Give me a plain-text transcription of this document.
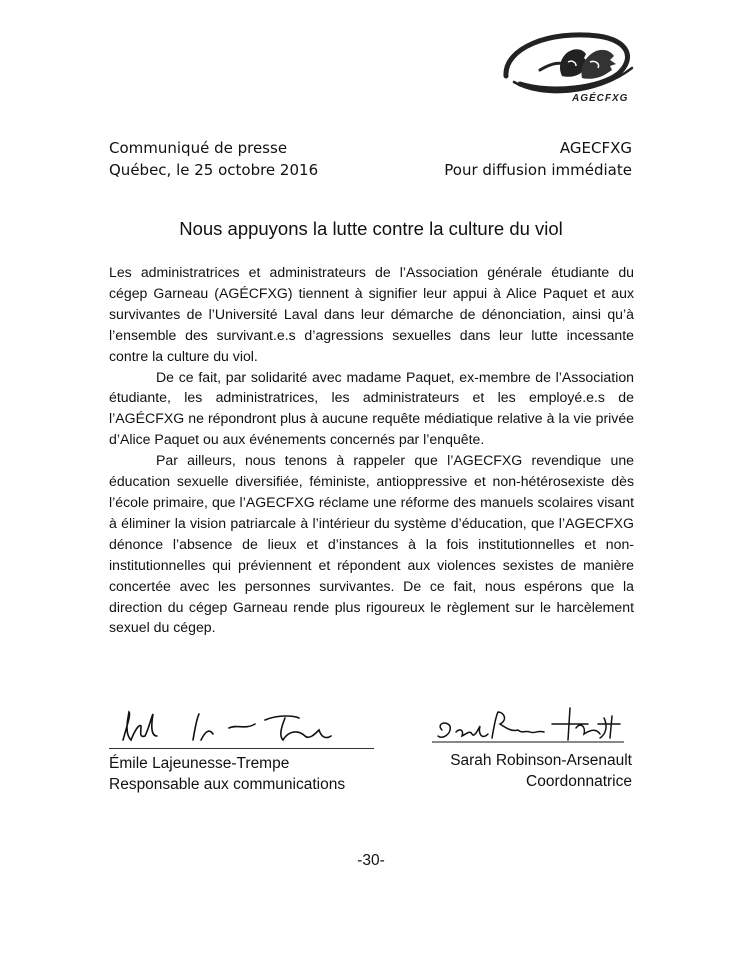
AGÉCFXG
Communiqué de presse
Québec, le 25 octobre 2016
AGECFXG
Pour diffusion immédiate
Nous appuyons la lutte contre la culture du viol

Les administratrices et administrateurs de l’Association générale étudiante du cégep Garneau (AGÉCFXG) tiennent à signifier leur appui à Alice Paquet et aux survivantes de l’Université Laval dans leur démarche de dénonciation, ainsi qu’à l’ensemble des survivant.e.s d’agressions sexuelles dans leur lutte incessante contre la culture du viol.

De ce fait, par solidarité avec madame Paquet, ex-membre de l’Association étudiante, les administratrices, les administrateurs et les employé.e.s de l’AGÉCFXG ne répondront plus à aucune requête médiatique relative à la vie privée d’Alice Paquet ou aux événements concernés par l’enquête.

Par ailleurs, nous tenons à rappeler que l’AGECFXG revendique une éducation sexuelle diversifiée, féministe, antioppressive et non-hétérosexiste dès l’école primaire, que l’AGECFXG réclame une réforme des manuels scolaires visant à éliminer la vision patriarcale à l’intérieur du système d’éducation, que l’AGECFXG dénonce l’absence de lieux et d’instances à la fois institutionnelles et non-institutionnelles qui préviennent et répondent aux violences sexistes de manière concertée avec les personnes survivantes. De ce fait, nous espérons que la direction du cégep Garneau rende plus rigoureux le règlement sur le harcèlement sexuel du cégep.

Émile Lajeunesse-Trempe
Responsable aux communications
Sarah Robinson-Arsenault
Coordonnatrice
-30-
